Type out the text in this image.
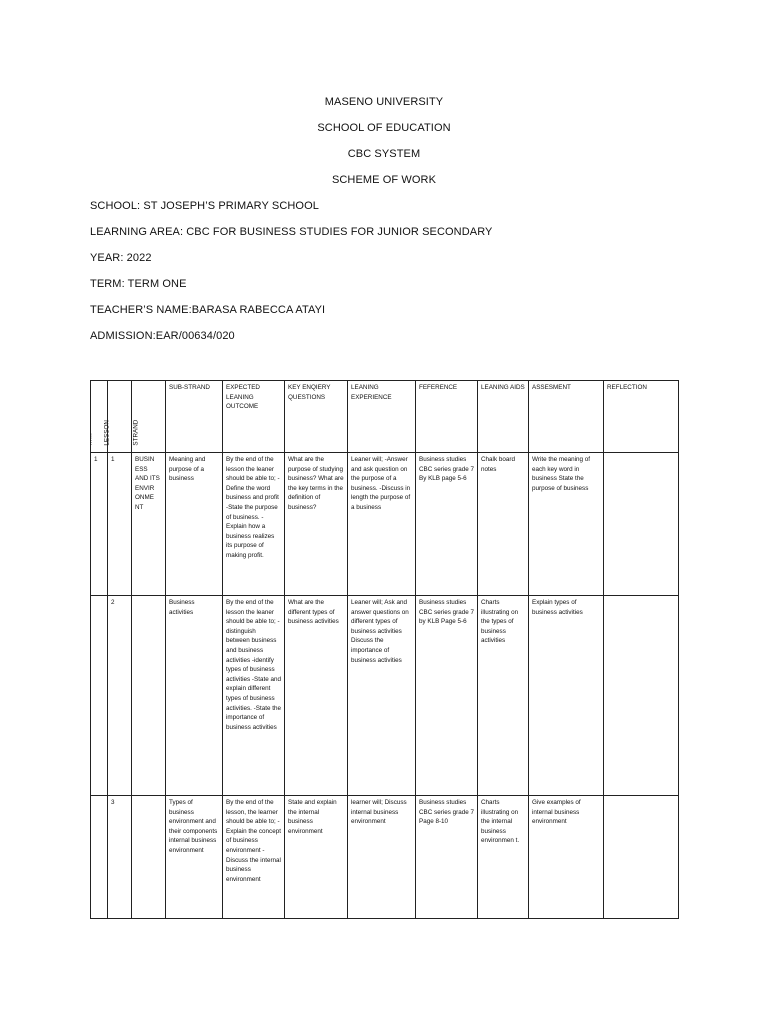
MASENO UNIVERSITY
SCHOOL OF EDUCATION
CBC SYSTEM
SCHEME OF WORK
SCHOOL: ST JOSEPH’S PRIMARY SCHOOL
LEARNING AREA: CBC FOR BUSINESS STUDIES FOR JUNIOR SECONDARY
YEAR: 2022
TERM: TERM ONE
TEACHER’S NAME:BARASA RABECCA ATAYI
ADMISSION:EAR/00634/020
……	LESSON	STRAND	SUB-STRAND	EXPECTED LEANING OUTCOME	KEY ENQIERY QUESTIONS	LEANING EXPERIENCE	FEFERENCE	LEANING AIDS	ASSESMENT	REFLECTION
1	1	BUSIN ESS AND ITS ENVIR ONME NT	Meaning and purpose of a business	By the end of the lesson the leaner should be able to; -Define the word business and profit -State the purpose of business. -Explain how a business realizes its purpose of making profit.	What are the purpose of studying business? What are the key terms in the definition of business?	Leaner will; -Answer and ask question on the purpose of a business. -Discuss in length the purpose of a business	Business studies CBC series grade 7 By KLB page 5-6	Chalk board notes	Write the meaning of each key word in business State the purpose of business	
	2		Business activities	By the end of the lesson the leaner should be able to; -distinguish between business and business activities -identify types of business activities -State and explain different types of business activities. -State the importance of business activities	What are the different types of business activities	Leaner will; Ask and answer questions on different types of business activities Discuss the importance of business activities	Business studies CBC series grade 7 by KLB Page 5-6	Charts illustrating on the types of business activities	Explain types of business activities	
	3		Types of business environment and their components internal business environment	By the end of the lesson, the learner should be able to; -Explain the concept of business environment -Discuss the internal business environment	State and explain the internal business environment	learner will; Discuss internal business environment	Business studies CBC series grade 7 Page 8-10	Charts illustrating on the internal business environmen t.	Give examples of internal business environment	
